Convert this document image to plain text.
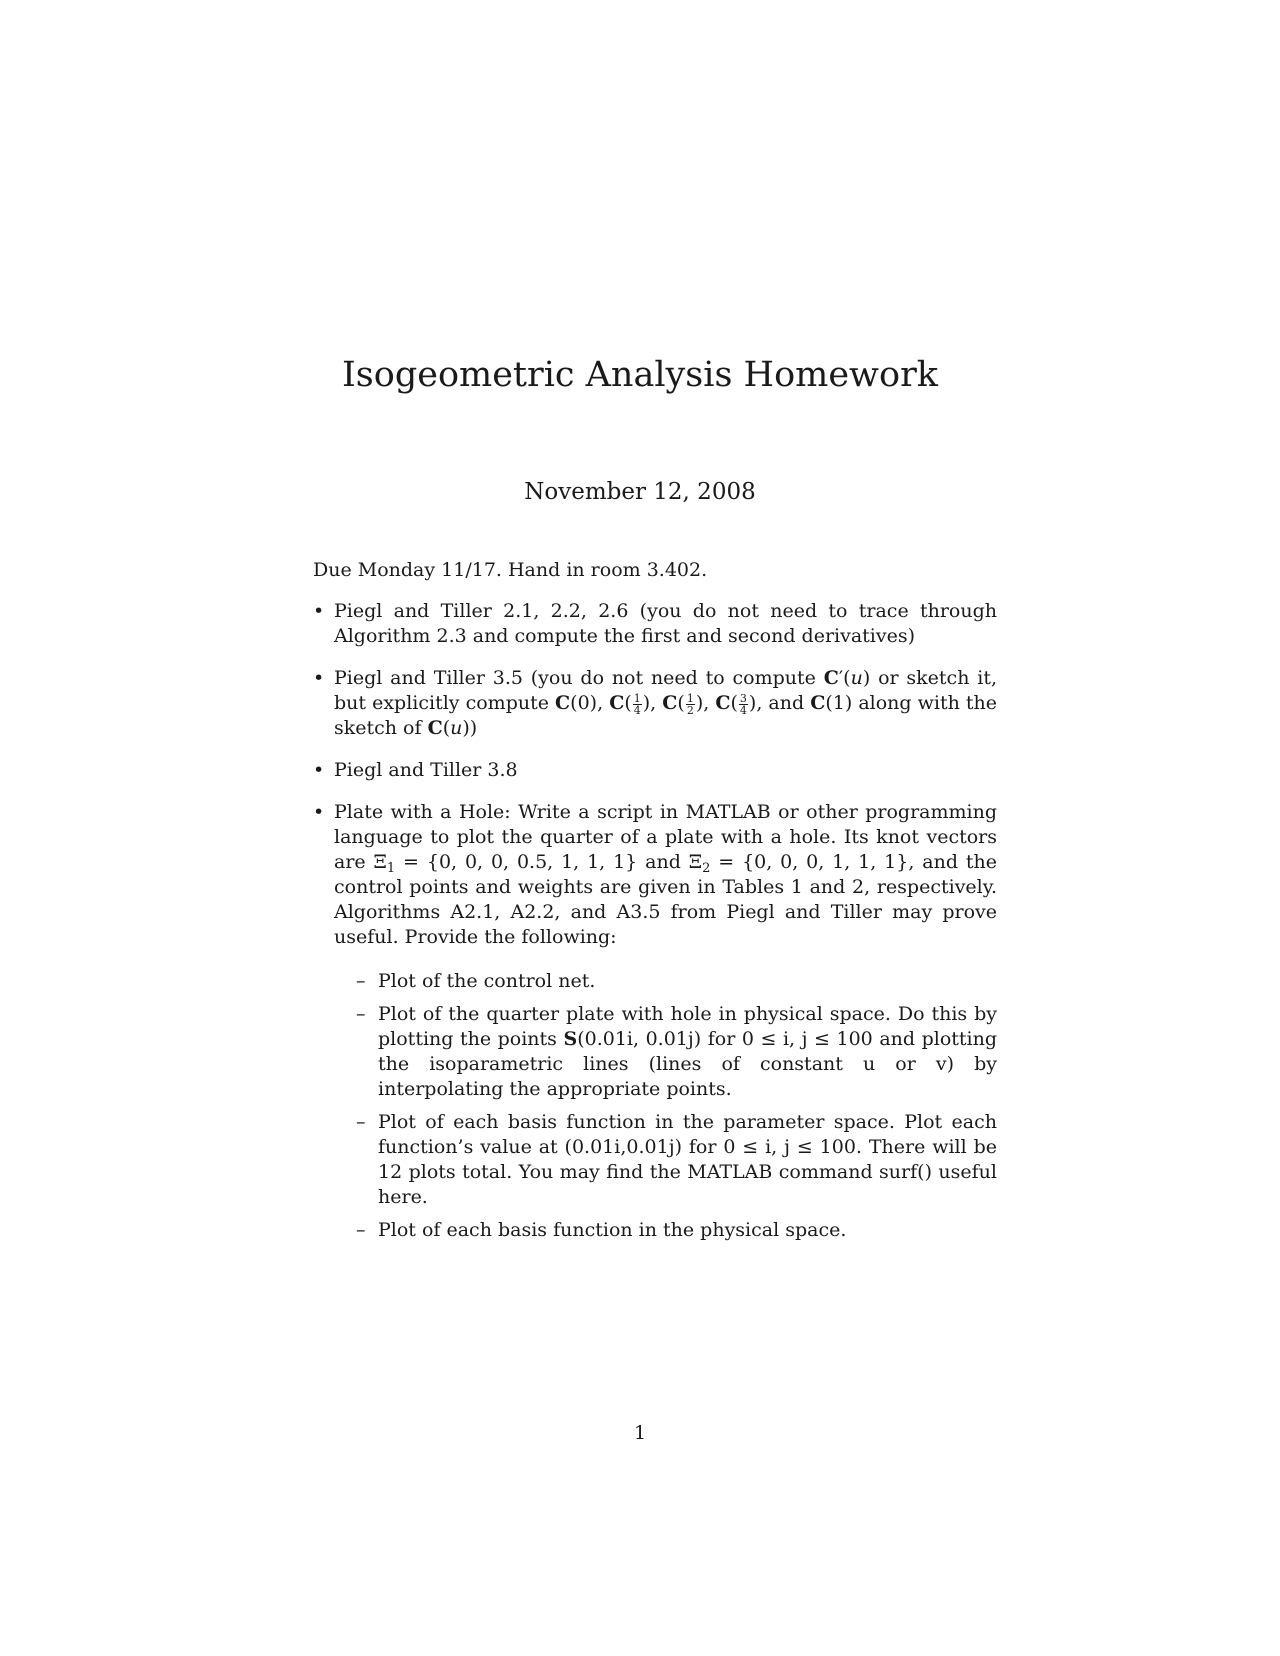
Isogeometric Analysis Homework
November 12, 2008

Due Monday 11/17. Hand in room 3.402.

• Piegl and Tiller 2.1, 2.2, 2.6 (you do not need to trace through Algorithm 2.3 and compute the first and second derivatives)
• Piegl and Tiller 3.5 (you do not need to compute C′(u) or sketch it, but explicitly compute C(0), $C( \frac{1}{4}$ ), $C( \frac{1}{2}$ ), $C( \frac{3}{4}$ ), and C(1) along with the sketch of C(u))
• Piegl and Tiller 3.8
• Plate with a Hole: Write a script in MATLAB or other programming language to plot the quarter of a plate with a hole. Its knot vectors are $\Xi_1 = \{0$, 0, 0, 0.5, 1, 1, 1} and $\Xi_2 = \{0$, 0, 0, 1, 1, 1}, and the control points and weights are given in Tables 1 and 2, respectively. Algorithms A2.1, A2.2, and A3.5 from Piegl and Tiller may prove useful. Provide the following:
– Plot of the control net.
– Plot of the quarter plate with hole in physical space. Do this by plotting the points S(0.01i, 0.01j) for 0 ≤ i, j ≤ 100 and plotting the isoparametric lines (lines of constant u or v) by interpolating the appropriate points.
– Plot of each basis function in the parameter space. Plot each function’s value at (0.01i,0.01j) for 0 ≤ i, j ≤ 100. There will be 12 plots total. You may find the MATLAB command surf() useful here.
– Plot of each basis function in the physical space.
1
